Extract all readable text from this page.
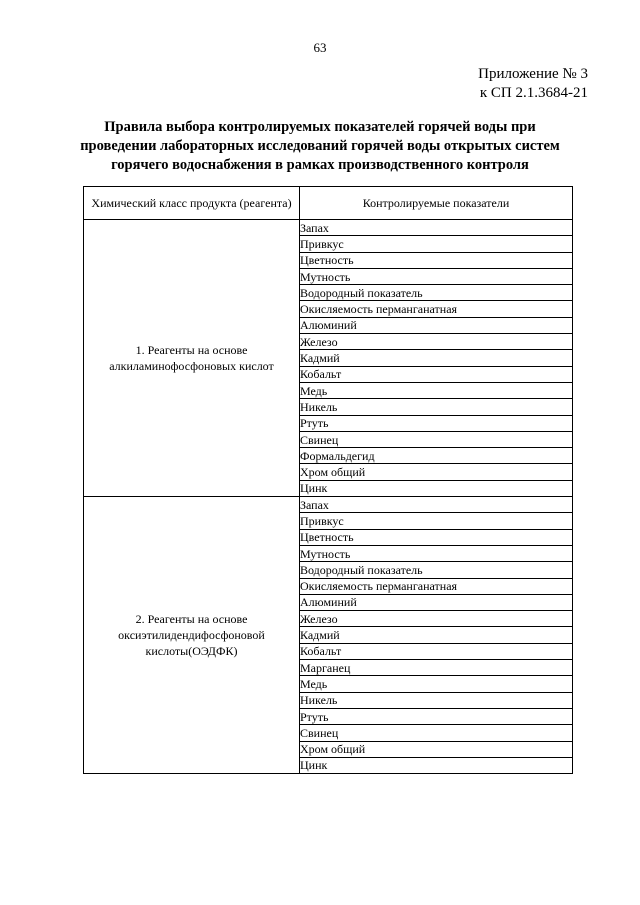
63
Приложение № 3
к СП 2.1.3684-21
Правила выбора контролируемых показателей горячей воды при проведении лабораторных исследований горячей воды открытых систем горячего водоснабжения в рамках производственного контроля
Химический класс продукта (реагента)	Контролируемые показатели
1. Реагенты на основе алкиламинофосфоновых кислот	Запах
	Привкус
	Цветность
	Мутность
	Водородный показатель
	Окисляемость перманганатная
	Алюминий
	Железо
	Кадмий
	Кобальт
	Медь
	Никель
	Ртуть
	Свинец
	Формальдегид
	Хром общий
	Цинк
2. Реагенты на основе оксиэтилидендифосфоновой кислоты(ОЭДФК)	Запах
	Привкус
	Цветность
	Мутность
	Водородный показатель
	Окисляемость перманганатная
	Алюминий
	Железо
	Кадмий
	Кобальт
	Марганец
	Медь
	Никель
	Ртуть
	Свинец
	Хром общий
	Цинк
